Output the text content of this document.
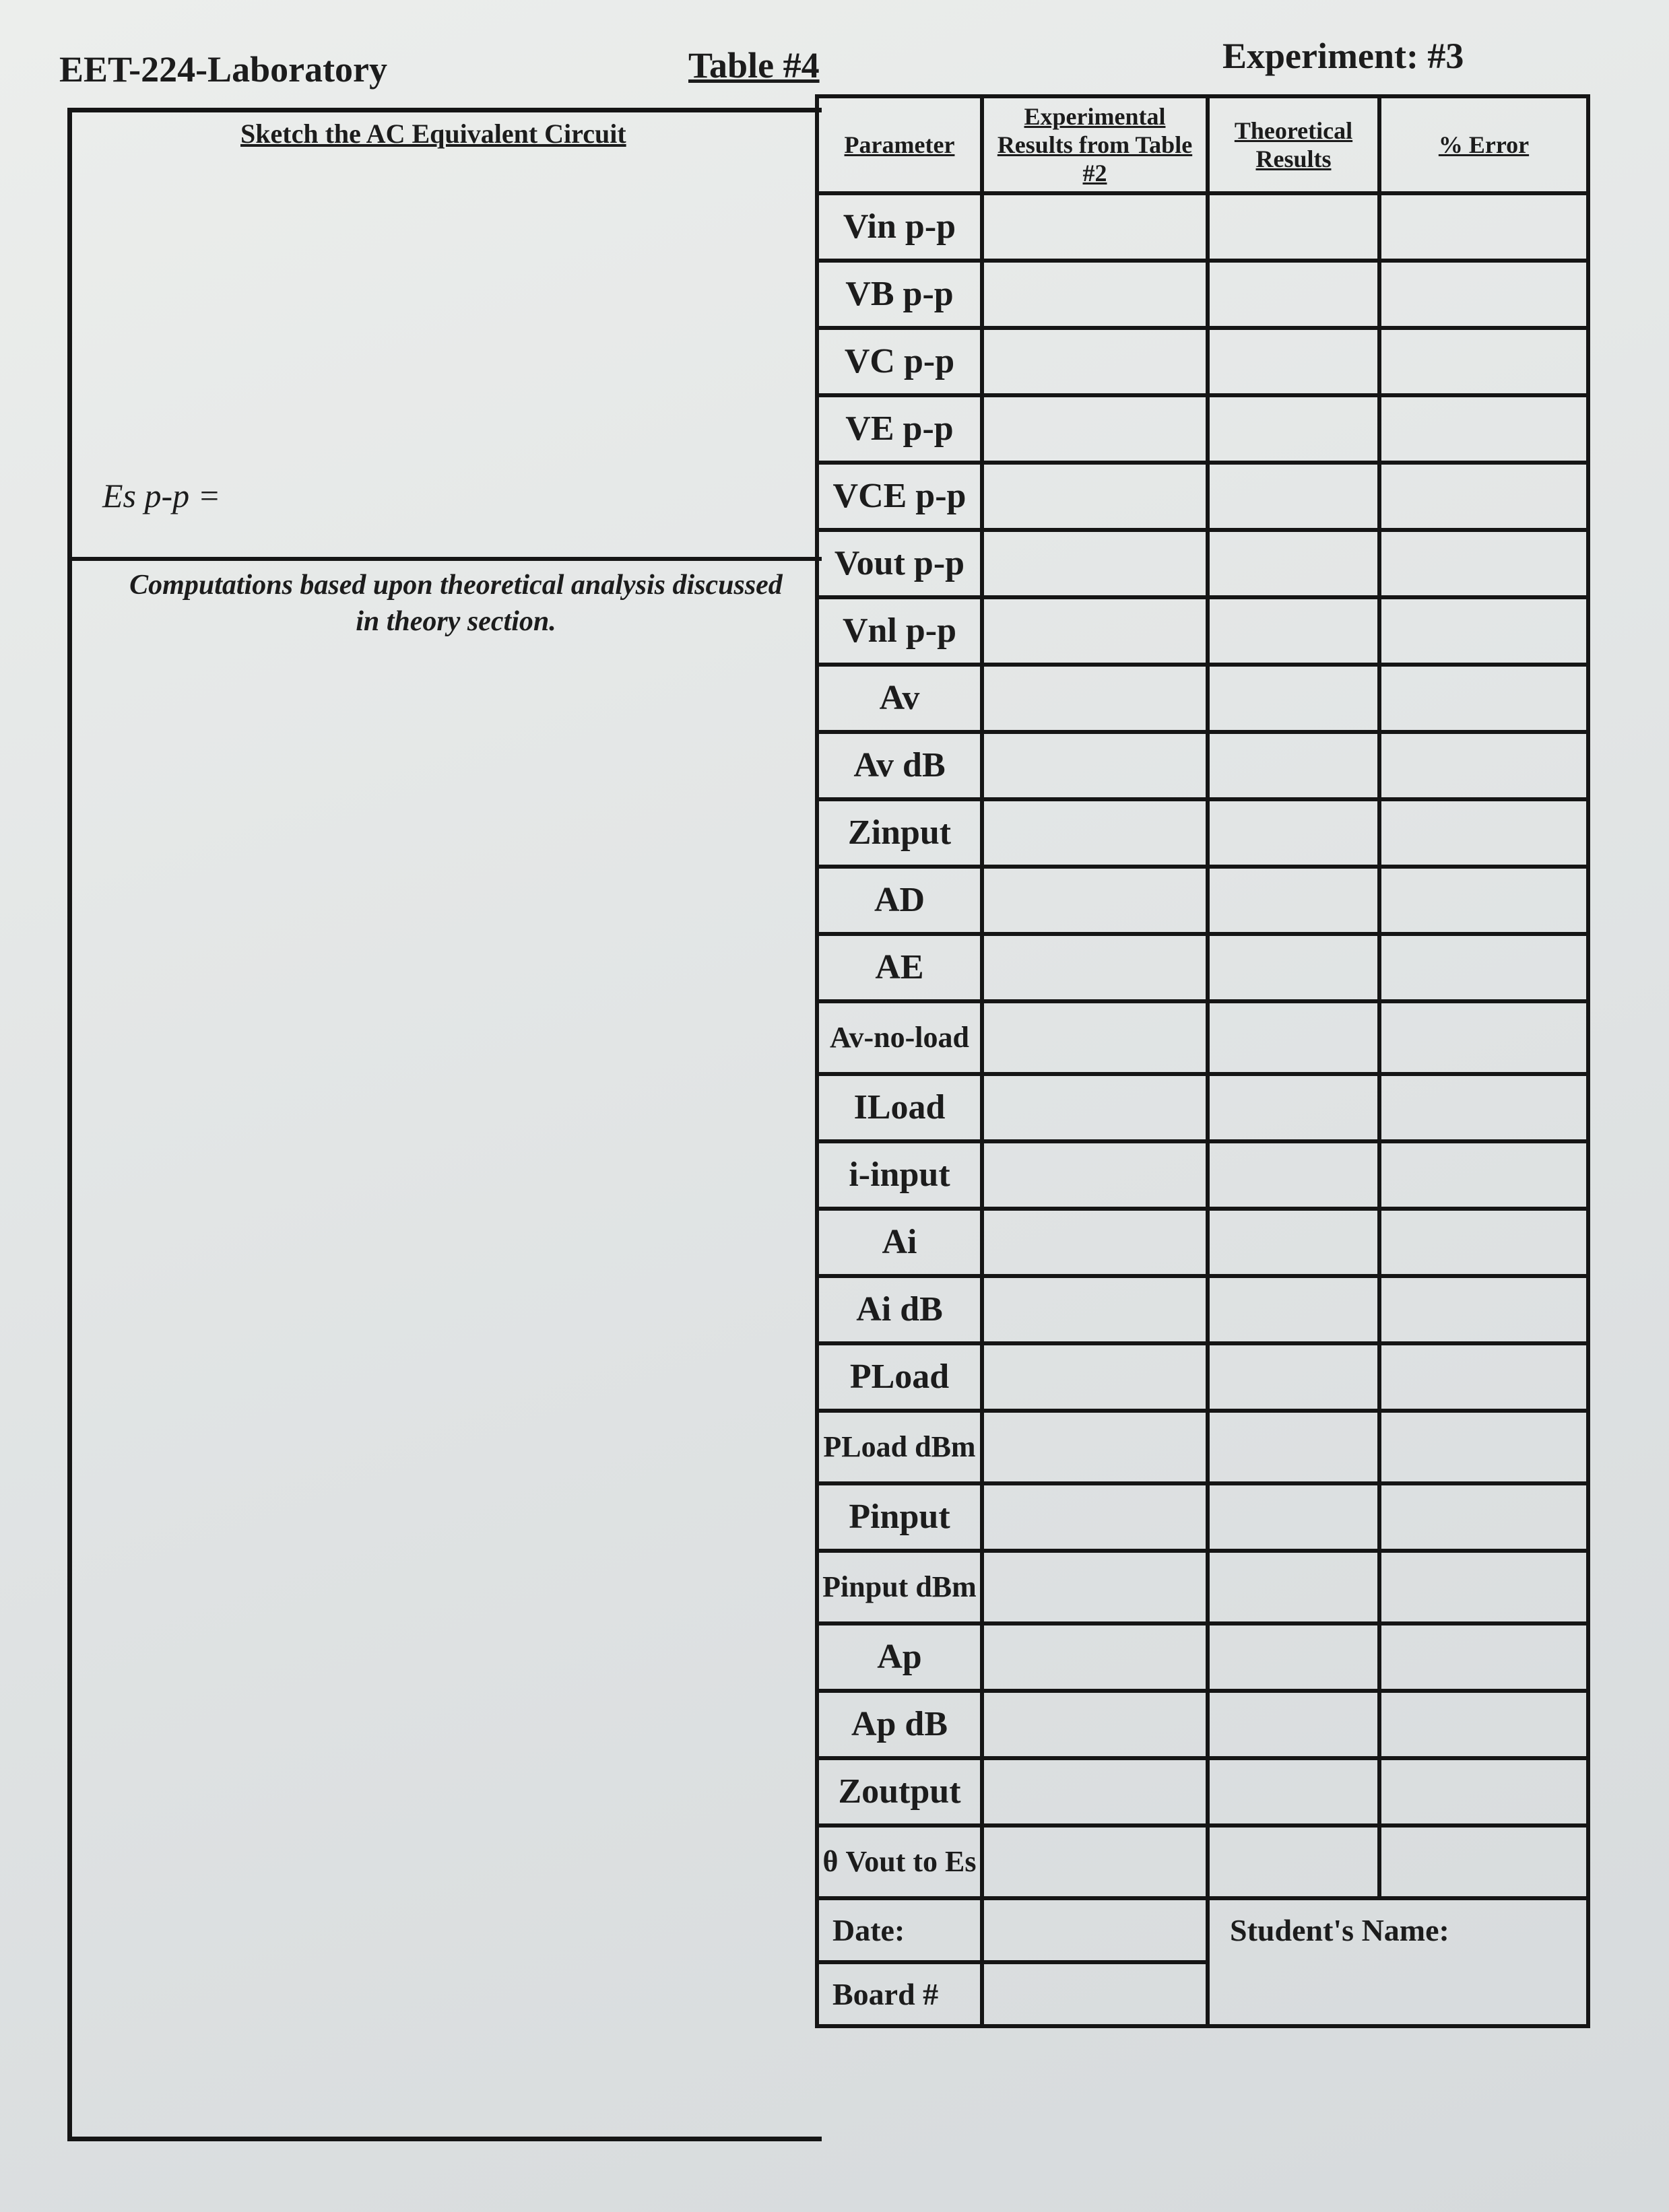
EET-224-Laboratory	Table #4	Experiment: #3
Sketch the AC Equivalent Circuit
Es p-p =
Computations based upon theoretical analysis discussed in theory section.
Parameter	Experimental Results from Table #2	Theoretical Results	% Error
Vin p-p			
VB p-p			
VC p-p			
VE p-p			
VCE p-p			
Vout p-p			
Vnl p-p			
Av			
Av dB			
Zinput			
AD			
AE			
Av-no-load			
ILoad			
i-input			
Ai			
Ai dB			
PLoad			
PLoad dBm			
Pinput			
Pinput dBm			
Ap			
Ap dB			
Zoutput			
θ Vout to Es			
Date:		Student's Name:	
Board #			
